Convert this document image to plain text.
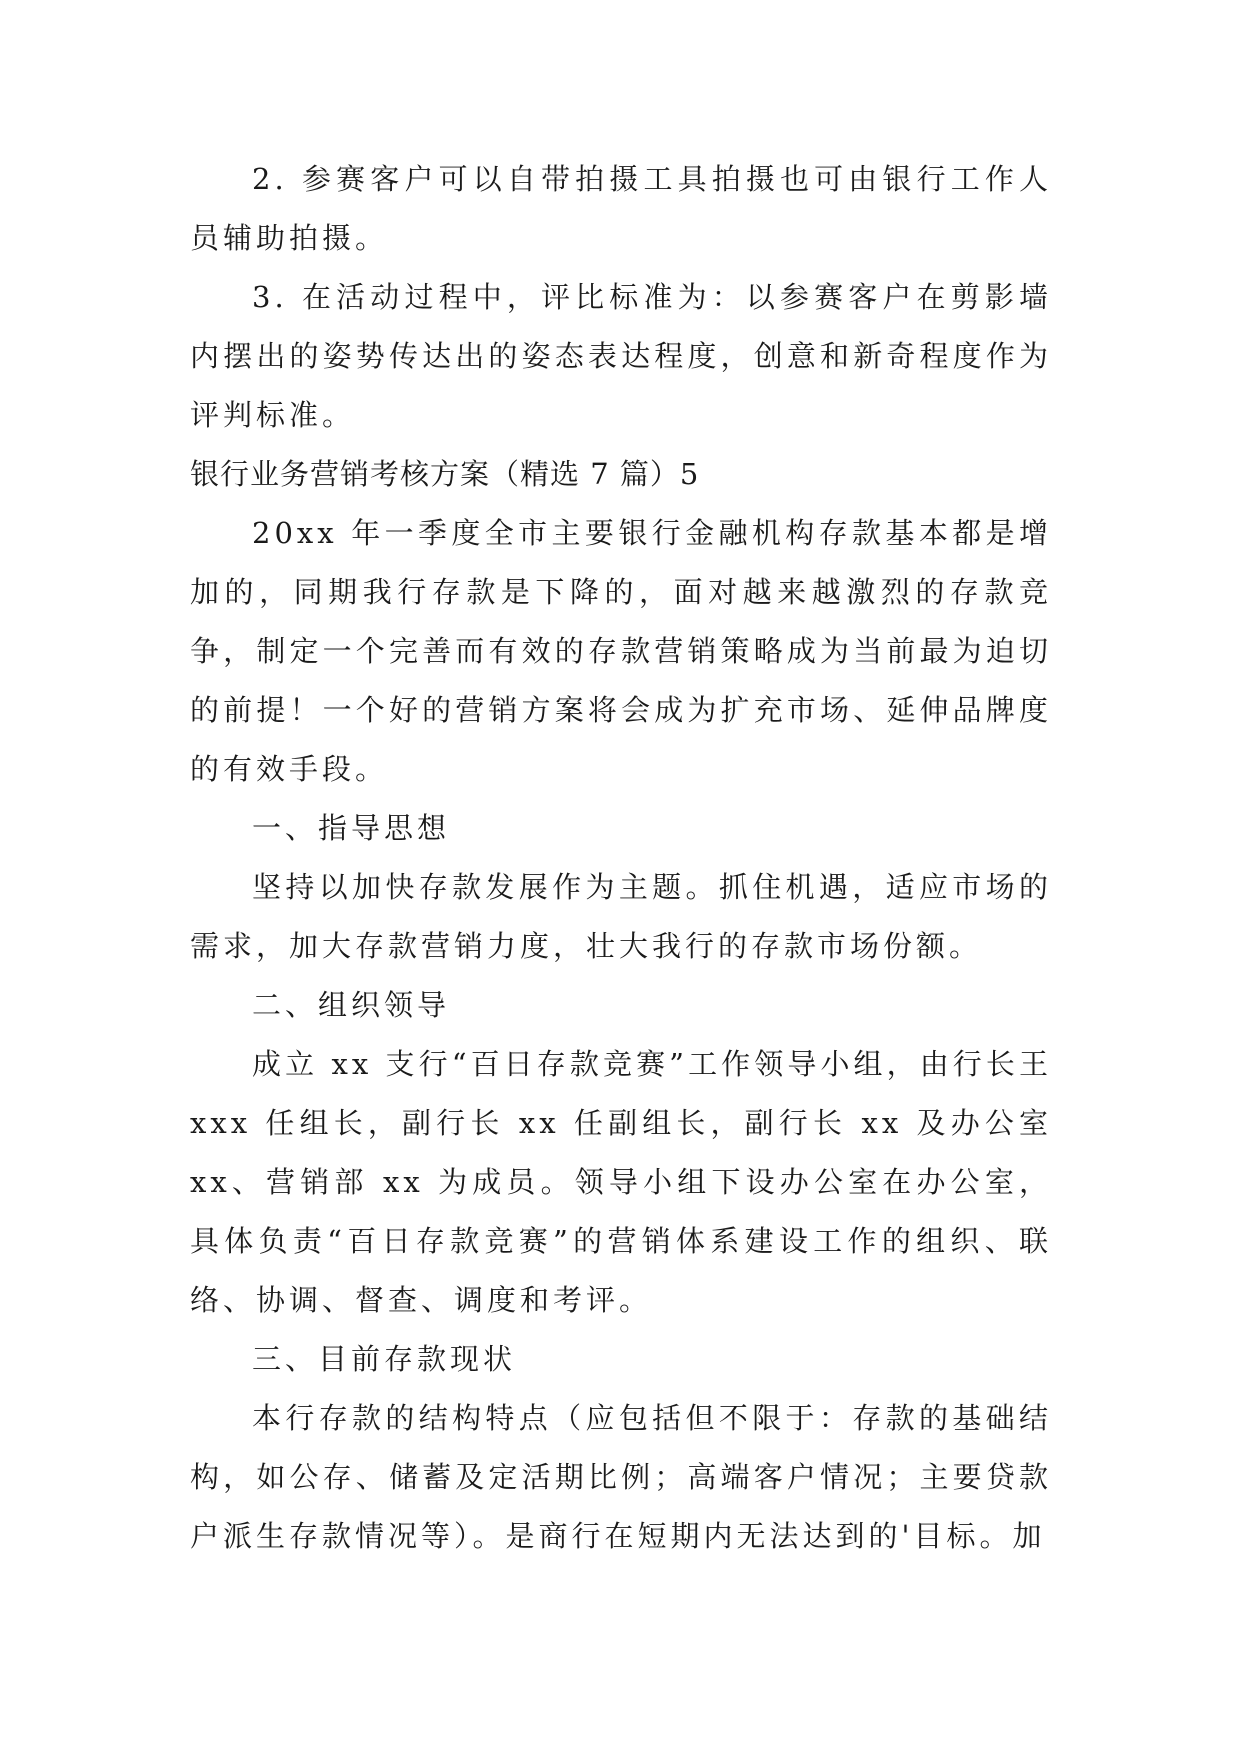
2. 参赛客户可以自带拍摄工具拍摄也可由银行工作人员辅助拍摄。

3. 在活动过程中，评比标准为：以参赛客户在剪影墙内摆出的姿势传达出的姿态表达程度，创意和新奇程度作为评判标准。

银行业务营销考核方案（精选 7 篇）5

20xx 年一季度全市主要银行金融机构存款基本都是增加的，同期我行存款是下降的，面对越来越激烈的存款竞争，制定一个完善而有效的存款营销策略成为当前最为迫切的前提！一个好的营销方案将会成为扩充市场、延伸品牌度的有效手段。

一、指导思想

坚持以加快存款发展作为主题。抓住机遇，适应市场的需求，加大存款营销力度，壮大我行的存款市场份额。

二、组织领导

成立 xx 支行“百日存款竞赛”工作领导小组，由行长王 xxx 任组长，副行长 xx 任副组长，副行长 xx 及办公室 xx、营销部 xx 为成员。领导小组下设办公室在办公室，具体负责“百日存款竞赛”的营销体系建设工作的组织、联络、协调、督查、调度和考评。

三、目前存款现状

本行存款的结构特点（应包括但不限于：存款的基础结构，如公存、储蓄及定活期比例；高端客户情况；主要贷款户派生存款情况等）。是商行在短期内无法达到的'目标。加
